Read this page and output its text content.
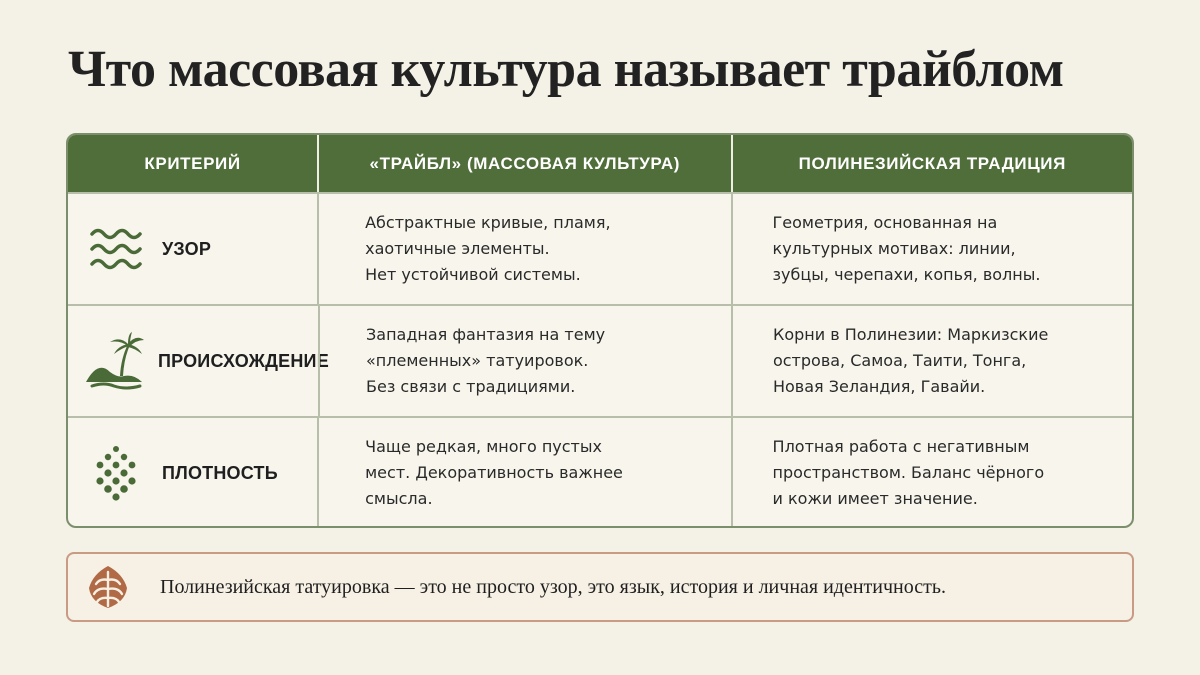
Что массовая культура называет трайблом
КРИТЕРИЙ	«ТРАЙБЛ» (МАССОВАЯ КУЛЬТУРА)	ПОЛИНЕЗИЙСКАЯ ТРАДИЦИЯ
УЗОР
Абстрактные кривые, пламя,
хаотичные элементы.
Нет устойчивой системы.
Геометрия, основанная на
культурных мотивах: линии,
зубцы, черепахи, копья, волны.
ПРОИСХОЖДЕНИЕ
Западная фантазия на тему
«племенных» татуировок.
Без связи с традициями.
Корни в Полинезии: Маркизские
острова, Самоа, Таити, Тонга,
Новая Зеландия, Гавайи.
ПЛОТНОСТЬ
Чаще редкая, много пустых
мест. Декоративность важнее
смысла.
Плотная работа с негативным
пространством. Баланс чёрного
и кожи имеет значение.
Полинезийская татуировка — это не просто узор, это язык, история и личная идентичность.
